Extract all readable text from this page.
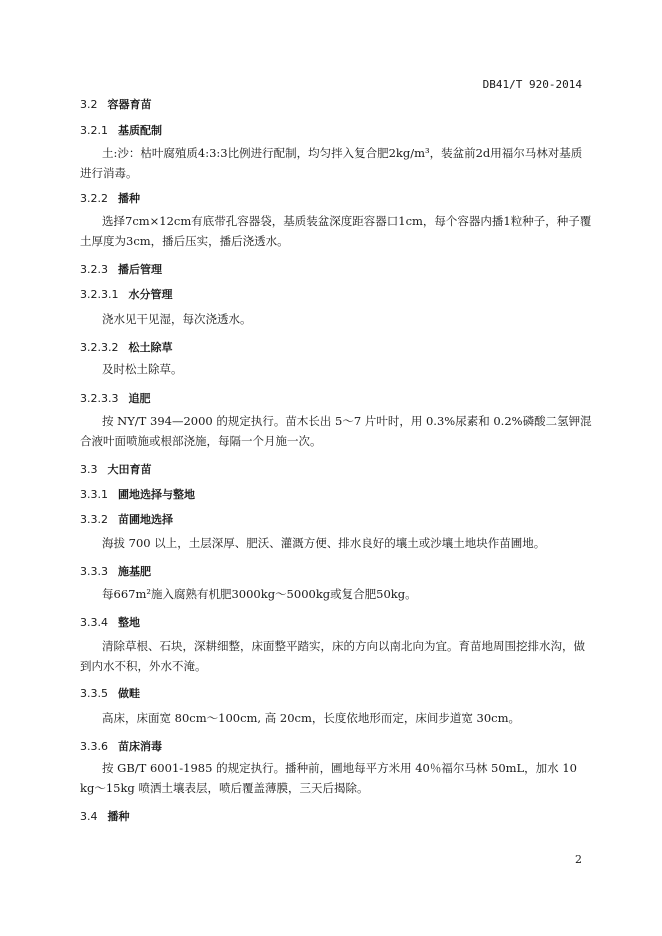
DB41/T 920-2014
3.2 容器育苗
3.2.1 基质配制
土:沙：枯叶腐殖质4:3:3比例进行配制，均匀拌入复合肥2kg/m³，装盆前2d用福尔马林对基质进行消毒。
3.2.2 播种
选择7cm×12cm有底带孔容器袋，基质装盆深度距容器口1cm，每个容器内播1粒种子，种子覆土厚度为3cm，播后压实，播后浇透水。
3.2.3 播后管理
3.2.3.1 水分管理
浇水见干见湿，每次浇透水。
3.2.3.2 松土除草
及时松土除草。
3.2.3.3 追肥
按 NY/T 394—2000 的规定执行。苗木长出 5～7 片叶时，用 0.3%尿素和 0.2%磷酸二氢钾混合液叶面喷施或根部浇施，每隔一个月施一次。
3.3 大田育苗
3.3.1 圃地选择与整地
3.3.2 苗圃地选择
海拔 700 以上，土层深厚、肥沃、灌溉方便、排水良好的壤土或沙壤土地块作苗圃地。
3.3.3 施基肥
每667m²施入腐熟有机肥3000kg～5000kg或复合肥50kg。
3.3.4 整地
清除草根、石块，深耕细整，床面整平踏实，床的方向以南北向为宜。育苗地周围挖排水沟，做到内水不积，外水不淹。
3.3.5 做畦
高床，床面宽 80cm～100cm, 高 20cm，长度依地形而定，床间步道宽 30cm。
3.3.6 苗床消毒
按 GB/T 6001-1985 的规定执行。播种前，圃地每平方米用 40％福尔马林 50mL，加水 10 kg～15kg 喷洒土壤表层，喷后覆盖薄膜，三天后揭除。
3.4 播种
2
